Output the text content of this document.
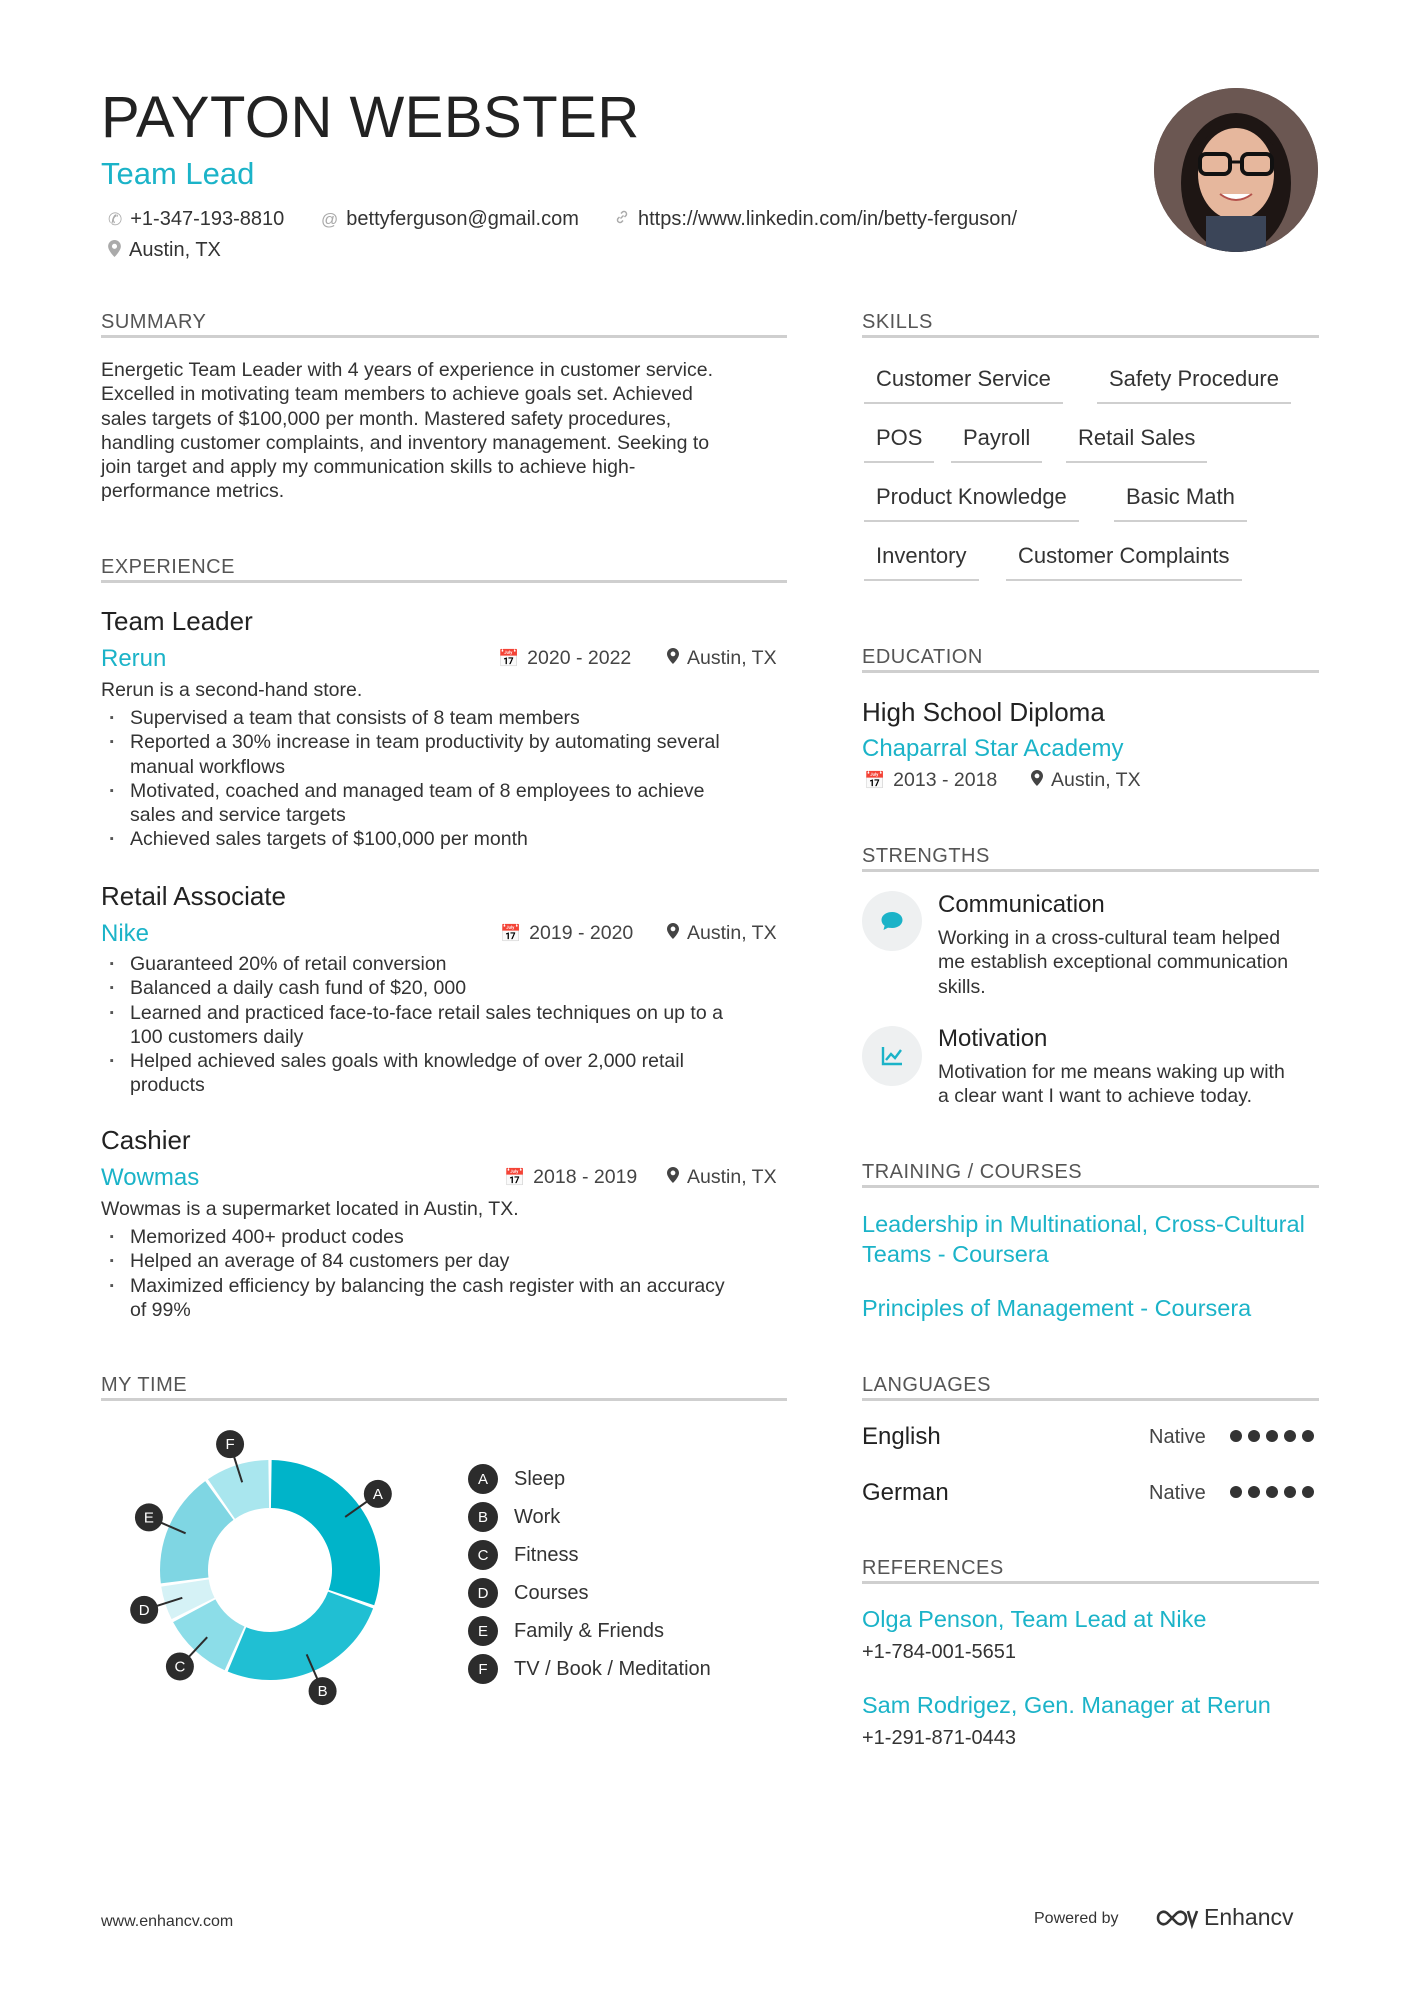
PAYTON WEBSTER
Team Lead
✆ +1-347-193-8810 @ bettyferguson@gmail.com	https://www.linkedin.com/in/betty-ferguson/
Austin, TX
SUMMARY
Energetic Team Leader with 4 years of experience in customer service.
Excelled in motivating team members to achieve goals set. Achieved
sales targets of $100,000 per month. Mastered safety procedures,
handling customer complaints, and inventory management. Seeking to
join target and apply my communication skills to achieve high-
performance metrics.
EXPERIENCE
Team Leader
Rerun	📅 2020 - 2022	Austin, TX
Rerun is a second-hand store.
· Supervised a team that consists of 8 team members
· Reported a 30% increase in team productivity by automating several
manual workflows
· Motivated, coached and managed team of 8 employees to achieve
sales and service targets
· Achieved sales targets of $100,000 per month
Retail Associate
Nike	📅 2019 - 2020	Austin, TX
· Guaranteed 20% of retail conversion
· Balanced a daily cash fund of $20, 000
· Learned and practiced face-to-face retail sales techniques on up to a
100 customers daily
· Helped achieved sales goals with knowledge of over 2,000 retail
products
Cashier
Wowmas	📅 2018 - 2019	Austin, TX
Wowmas is a supermarket located in Austin, TX.
· Memorized 400+ product codes
· Helped an average of 84 customers per day
· Maximized efficiency by balancing the cash register with an accuracy
of 99%
MY TIME
A
B
C
D
E
F
A	Sleep
B	Work
C	Fitness
D	Courses
E	Family & Friends
F	TV / Book / Meditation
SKILLS
Customer Service	Safety Procedure
POS	Payroll	Retail Sales
Product Knowledge	Basic Math
Inventory	Customer Complaints
EDUCATION
High School Diploma
Chaparral Star Academy
📅 2013 - 2018	Austin, TX
STRENGTHS
Communication
Working in a cross-cultural team helped
me establish exceptional communication
skills.
Motivation
Motivation for me means waking up with
a clear want I want to achieve today.
TRAINING / COURSES
Leadership in Multinational, Cross-Cultural
Teams - Coursera
Principles of Management - Coursera
LANGUAGES
English	Native
German	Native
REFERENCES
Olga Penson, Team Lead at Nike
+1-784-001-5651
Sam Rodrigez, Gen. Manager at Rerun
+1-291-871-0443
www.enhancv.com	Powered by	Enhancv
